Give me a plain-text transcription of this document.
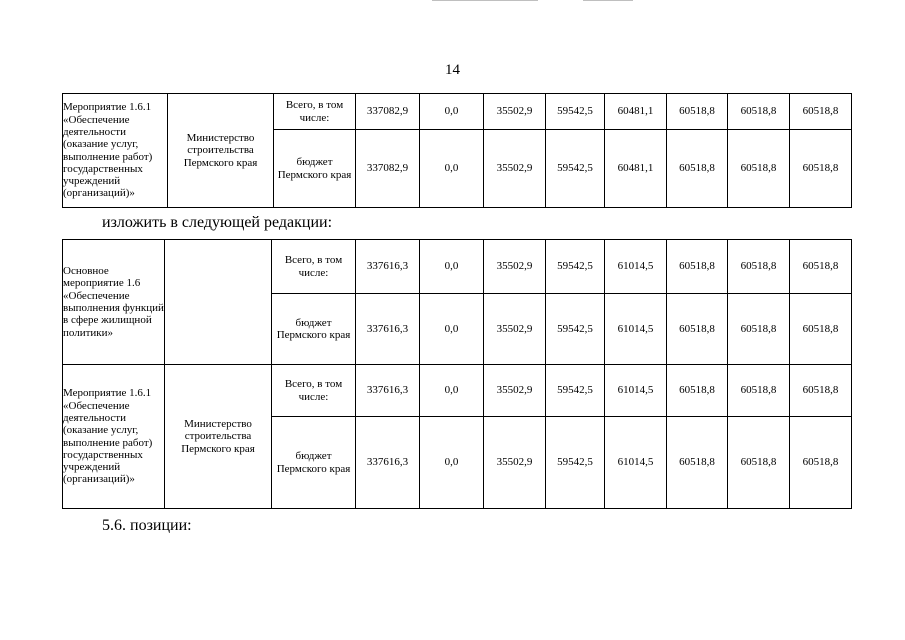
14
Мероприятие 1.6.1 «Обеспечение деятельности (оказание услуг, выполнение работ) государственных учреждений (организаций)»	Министерство строительства Пермского края	Всего, в том числе:	337082,9	0,0	35502,9	59542,5	60481,1	60518,8	60518,8	60518,8
		бюджет Пермского края	337082,9	0,0	35502,9	59542,5	60481,1	60518,8	60518,8	60518,8
изложить в следующей редакции:
Основное мероприятие 1.6 «Обеспечение выполнения функций в сфере жилищной политики»		Всего, в том числе:	337616,3	0,0	35502,9	59542,5	61014,5	60518,8	60518,8	60518,8
		бюджет Пермского края	337616,3	0,0	35502,9	59542,5	61014,5	60518,8	60518,8	60518,8
Мероприятие 1.6.1 «Обеспечение деятельности (оказание услуг, выполнение работ) государственных учреждений (организаций)»	Министерство строительства Пермского края	Всего, в том числе:	337616,3	0,0	35502,9	59542,5	61014,5	60518,8	60518,8	60518,8
		бюджет Пермского края	337616,3	0,0	35502,9	59542,5	61014,5	60518,8	60518,8	60518,8
5.6. позиции:
